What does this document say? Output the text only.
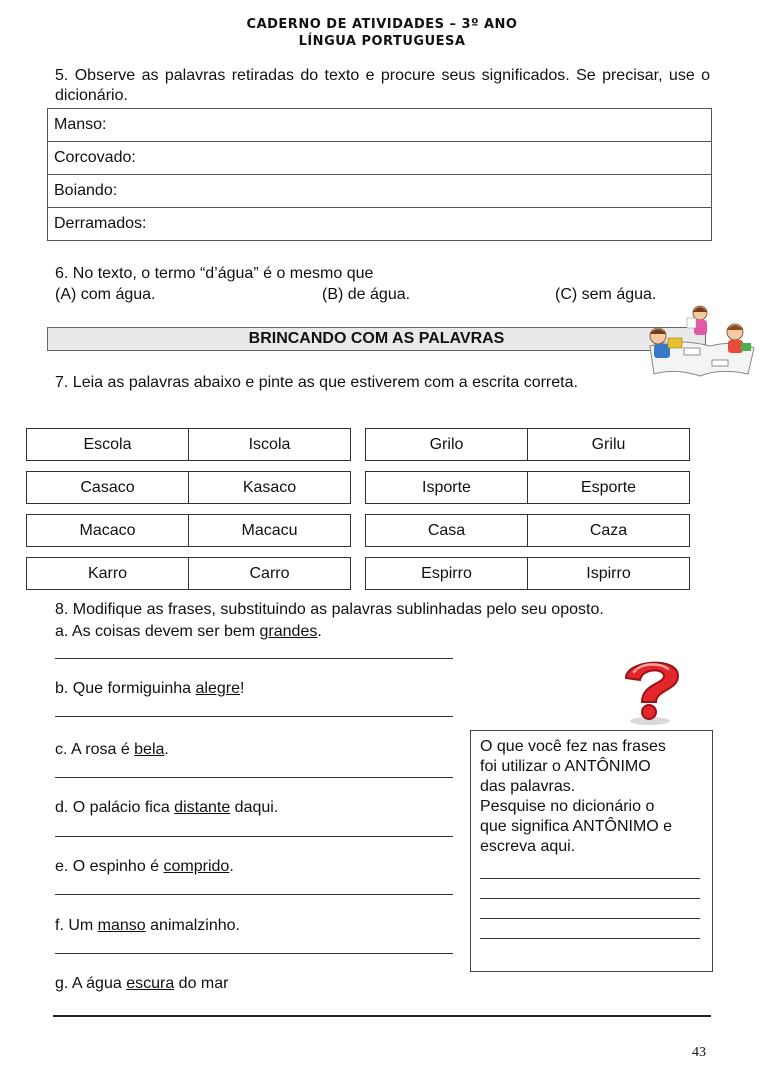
CADERNO DE ATIVIDADES – 3º ANO
LÍNGUA PORTUGUESA
5. Observe as palavras retiradas do texto e procure seus significados. Se precisar, use o dicionário.
Manso:
Corcovado:
Boiando:
Derramados:
6. No texto, o termo “d’água” é o mesmo que
(A) com água.	(B) de água.	(C) sem água.
BRINCANDO COM AS PALAVRAS
7. Leia as palavras abaixo e pinte as que estiverem com a escrita correta.
Escola	Iscola
Casaco	Kasaco
Macaco	Macacu
Karro	Carro
Grilo	Grilu
Isporte	Esporte
Casa	Caza
Espirro	Ispirro
8. Modifique as frases, substituindo as palavras sublinhadas pelo seu oposto.
a. As coisas devem ser bem grandes.
b. Que formiguinha alegre!
c. A rosa é bela.
d. O palácio fica distante daqui.
e. O espinho é comprido.
f. Um manso animalzinho.
g. A água escura do mar
O que você fez nas frases
foi utilizar o ANTÔNIMO
das palavras.
Pesquise no dicionário o
que significa ANTÔNIMO e
escreva aqui.
43
